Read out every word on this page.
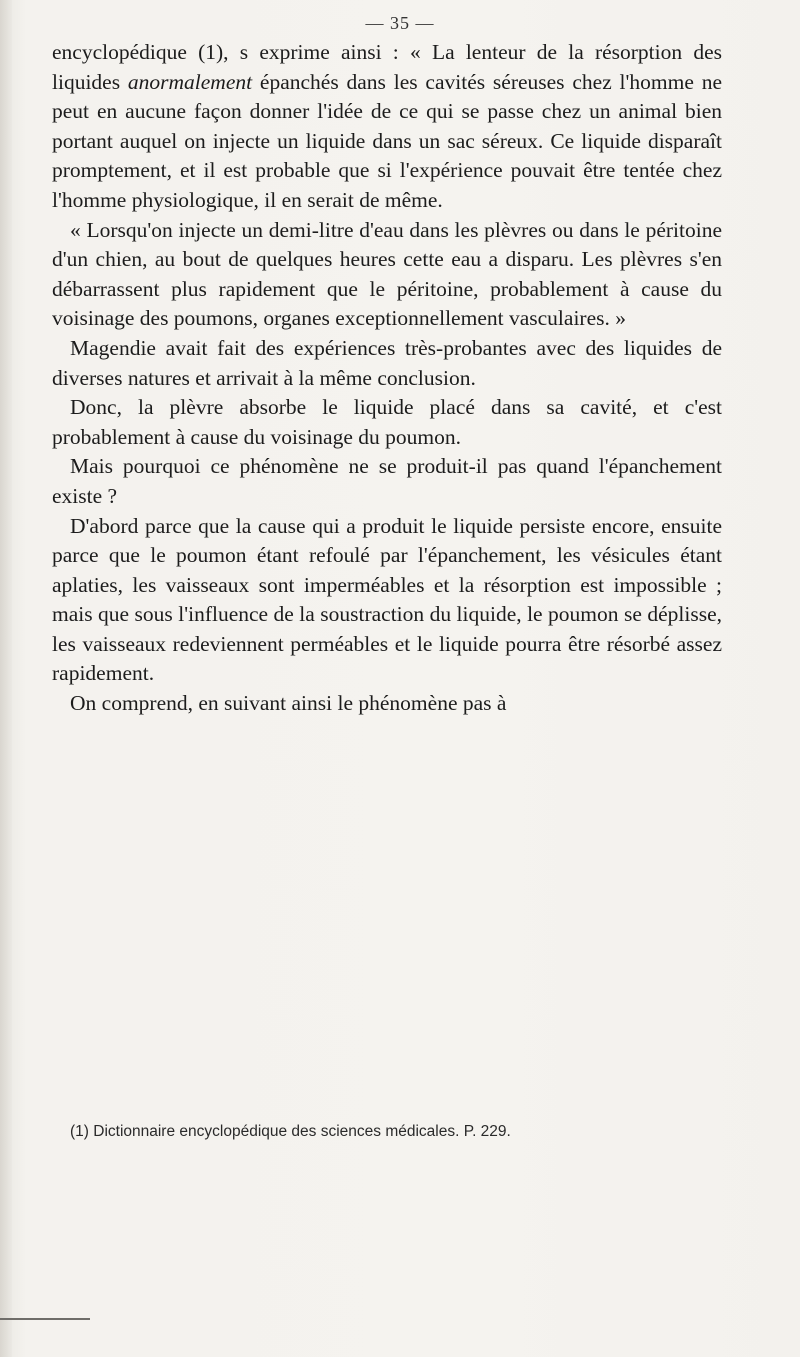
— 35 —

encyclopédique (1), s exprime ainsi : « La lenteur de la résorption des liquides anormalement épanchés dans les cavités séreuses chez l'homme ne peut en aucune façon donner l'idée de ce qui se passe chez un animal bien portant auquel on injecte un liquide dans un sac séreux. Ce liquide disparaît promptement, et il est probable que si l'expérience pouvait être tentée chez l'homme physiologique, il en serait de même.

« Lorsqu'on injecte un demi-litre d'eau dans les plèvres ou dans le péritoine d'un chien, au bout de quelques heures cette eau a disparu. Les plèvres s'en débarrassent plus rapidement que le péritoine, probablement à cause du voisinage des poumons, organes exceptionnellement vasculaires. »

Magendie avait fait des expériences très-probantes avec des liquides de diverses natures et arrivait à la même conclusion.

Donc, la plèvre absorbe le liquide placé dans sa cavité, et c'est probablement à cause du voisinage du poumon.

Mais pourquoi ce phénomène ne se produit-il pas quand l'épanchement existe ?

D'abord parce que la cause qui a produit le liquide persiste encore, ensuite parce que le poumon étant refoulé par l'épanchement, les vésicules étant aplaties, les vaisseaux sont imperméables et la résorption est impossible ; mais que sous l'influence de la soustraction du liquide, le poumon se déplisse, les vaisseaux redeviennent perméables et le liquide pourra être résorbé assez rapidement.

On comprend, en suivant ainsi le phénomène pas à

(1) Dictionnaire encyclopédique des sciences médicales. P. 229.
